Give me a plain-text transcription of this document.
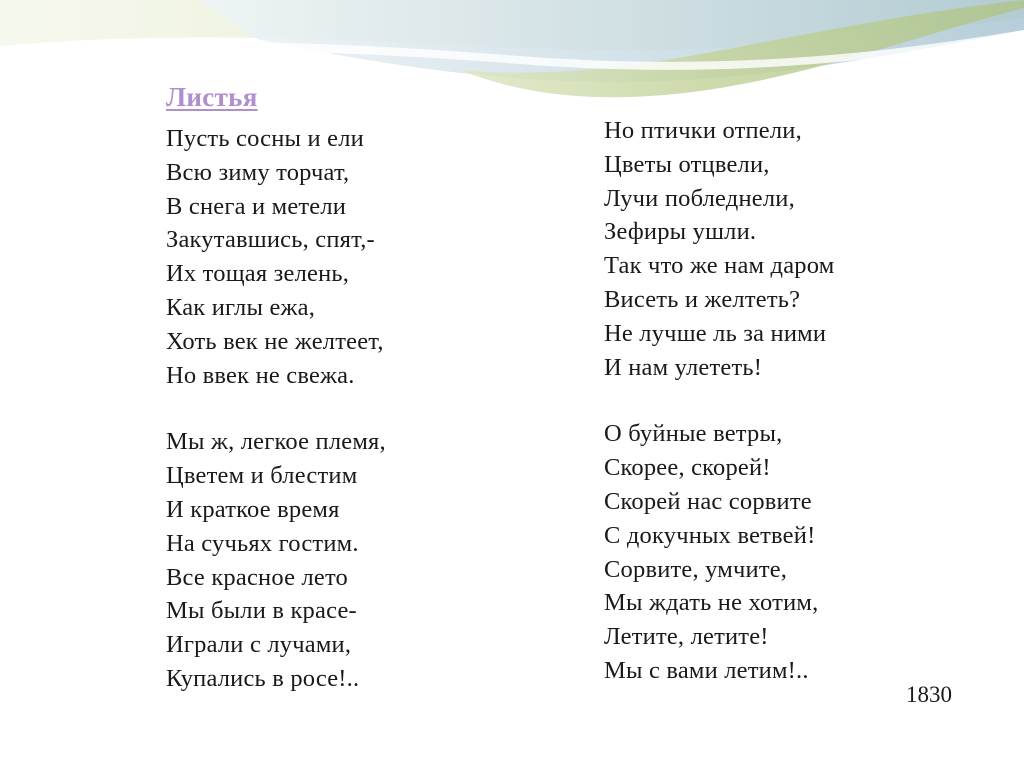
Листья
Пусть сосны и ели
Всю зиму торчат,
В снега и метели
Закутавшись, спят,-
Их тощая зелень,
Как иглы ежа,
Хоть век не желтеет,
Но ввек не свежа.
Мы ж, легкое племя,
Цветем и блестим
И краткое время
На сучьях гостим.
Все красное лето
Мы были в красе-
Играли с лучами,
Купались в росе!..
Но птички отпели,
Цветы отцвели,
Лучи побледнели,
Зефиры ушли.
Так что же нам даром
Висеть и желтеть?
Не лучше ль за ними
И нам улететь!
О буйные ветры,
Скорее, скорей!
Скорей нас сорвите
С докучных ветвей!
Сорвите, умчите,
Мы ждать не хотим,
Летите, летите!
Мы с вами летим!..
1830
